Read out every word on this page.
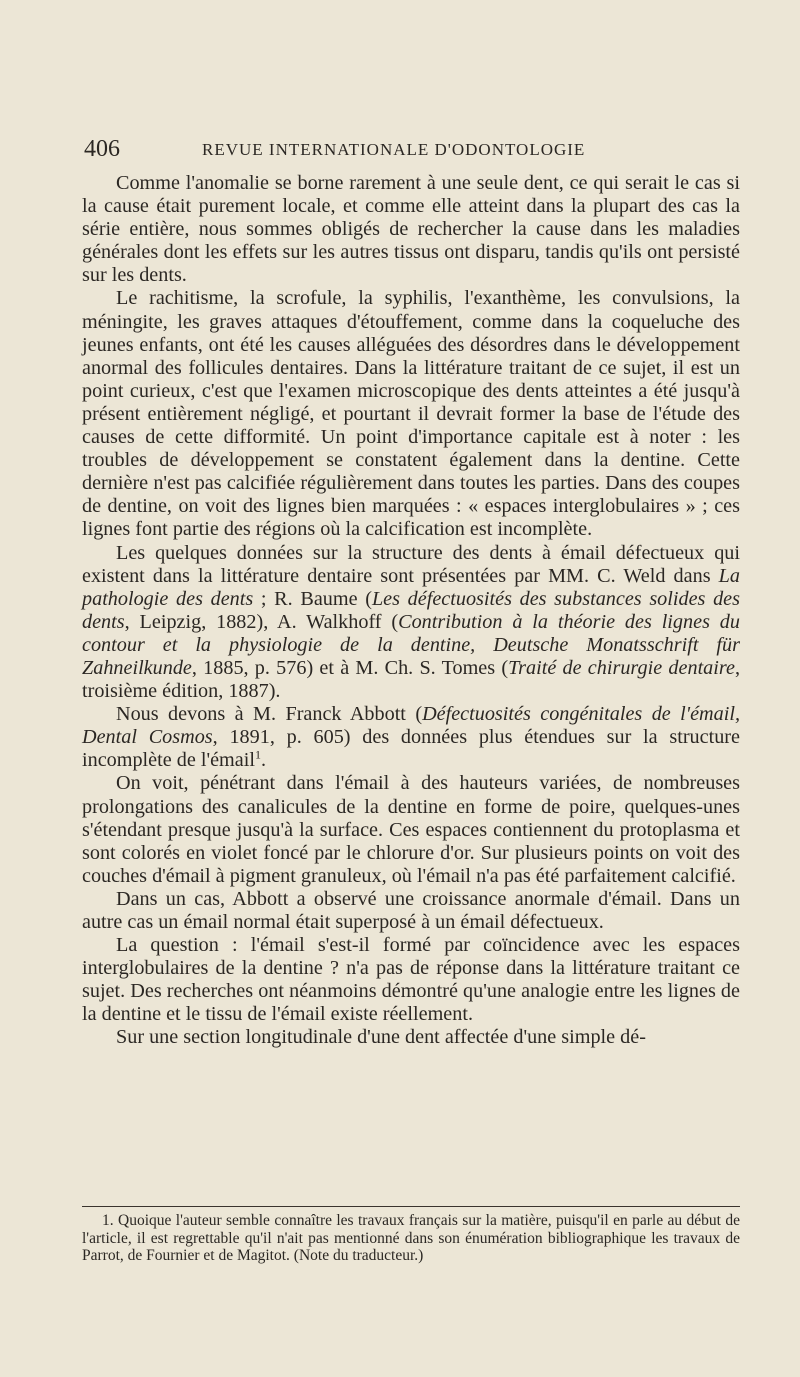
406	REVUE INTERNATIONALE D'ODONTOLOGIE

Comme l'anomalie se borne rarement à une seule dent, ce qui serait le cas si la cause était purement locale, et comme elle atteint dans la plupart des cas la série entière, nous sommes obligés de rechercher la cause dans les maladies générales dont les effets sur les autres tissus ont disparu, tandis qu'ils ont persisté sur les dents.

Le rachitisme, la scrofule, la syphilis, l'exanthème, les convulsions, la méningite, les graves attaques d'étouffement, comme dans la coqueluche des jeunes enfants, ont été les causes alléguées des désordres dans le développement anormal des follicules dentaires. Dans la littérature traitant de ce sujet, il est un point curieux, c'est que l'examen microscopique des dents atteintes a été jusqu'à présent entièrement négligé, et pourtant il devrait former la base de l'étude des causes de cette difformité. Un point d'importance capitale est à noter : les troubles de développement se constatent également dans la dentine. Cette dernière n'est pas calcifiée régulièrement dans toutes les parties. Dans des coupes de dentine, on voit des lignes bien marquées : « espaces interglobulaires » ; ces lignes font partie des régions où la calcification est incomplète.

Les quelques données sur la structure des dents à émail défectueux qui existent dans la littérature dentaire sont présentées par MM. C. Weld dans La pathologie des dents ; R. Baume (Les défectuosités des substances solides des dents, Leipzig, 1882), A. Walkhoff (Contribution à la théorie des lignes du contour et la physiologie de la dentine, Deutsche Monatsschrift für Zahneilkunde, 1885, p. 576) et à M. Ch. S. Tomes (Traité de chirurgie dentaire, troisième édition, 1887).

Nous devons à M. Franck Abbott (Défectuosités congénitales de l'émail, Dental Cosmos, 1891, p. 605) des données plus étendues sur la structure incomplète de l'émail$^1$.

On voit, pénétrant dans l'émail à des hauteurs variées, de nombreuses prolongations des canalicules de la dentine en forme de poire, quelques-unes s'étendant presque jusqu'à la surface. Ces espaces contiennent du protoplasma et sont colorés en violet foncé par le chlorure d'or. Sur plusieurs points on voit des couches d'émail à pigment granuleux, où l'émail n'a pas été parfaitement calcifié.

Dans un cas, Abbott a observé une croissance anormale d'émail. Dans un autre cas un émail normal était superposé à un émail défectueux.

La question : l'émail s'est-il formé par coïncidence avec les espaces interglobulaires de la dentine ? n'a pas de réponse dans la littérature traitant ce sujet. Des recherches ont néanmoins démontré qu'une analogie entre les lignes de la dentine et le tissu de l'émail existe réellement.

Sur une section longitudinale d'une dent affectée d'une simple dé-

1. Quoique l'auteur semble connaître les travaux français sur la matière, puisqu'il en parle au début de l'article, il est regrettable qu'il n'ait pas mentionné dans son énumération bibliographique les travaux de Parrot, de Fournier et de Magitot. (Note du traducteur.)
